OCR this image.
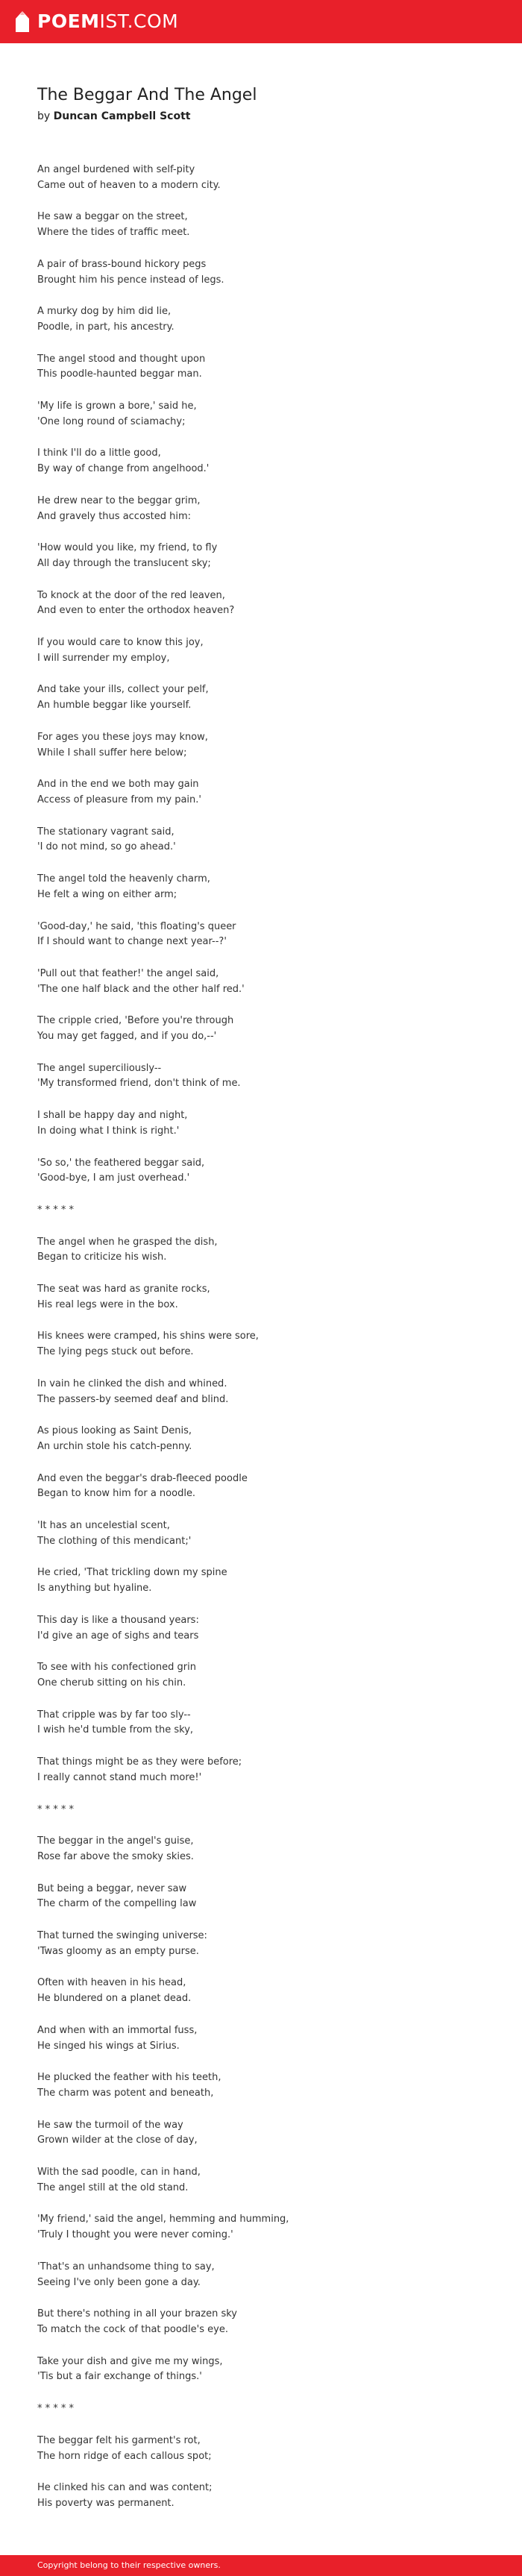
POEMIST.COM
The Beggar And The Angel
by Duncan Campbell Scott
An angel burdened with self-pity
Came out of heaven to a modern city.
He saw a beggar on the street,
Where the tides of traffic meet.
A pair of brass-bound hickory pegs
Brought him his pence instead of legs.
A murky dog by him did lie,
Poodle, in part, his ancestry.
The angel stood and thought upon
This poodle-haunted beggar man.
'My life is grown a bore,' said he,
'One long round of sciamachy;
I think I'll do a little good,
By way of change from angelhood.'
He drew near to the beggar grim,
And gravely thus accosted him:
'How would you like, my friend, to fly
All day through the translucent sky;
To knock at the door of the red leaven,
And even to enter the orthodox heaven?
If you would care to know this joy,
I will surrender my employ,
And take your ills, collect your pelf,
An humble beggar like yourself.
For ages you these joys may know,
While I shall suffer here below;
And in the end we both may gain
Access of pleasure from my pain.'
The stationary vagrant said,
'I do not mind, so go ahead.'
The angel told the heavenly charm,
He felt a wing on either arm;
'Good-day,' he said, 'this floating's queer
If I should want to change next year--?'
'Pull out that feather!' the angel said,
'The one half black and the other half red.'
The cripple cried, 'Before you're through
You may get fagged, and if you do,--'
The angel superciliously--
'My transformed friend, don't think of me.
I shall be happy day and night,
In doing what I think is right.'
'So so,' the feathered beggar said,
'Good-bye, I am just overhead.'
* * * * *
The angel when he grasped the dish,
Began to criticize his wish.
The seat was hard as granite rocks,
His real legs were in the box.
His knees were cramped, his shins were sore,
The lying pegs stuck out before.
In vain he clinked the dish and whined.
The passers-by seemed deaf and blind.
As pious looking as Saint Denis,
An urchin stole his catch-penny.
And even the beggar's drab-fleeced poodle
Began to know him for a noodle.
'It has an uncelestial scent,
The clothing of this mendicant;'
He cried, 'That trickling down my spine
Is anything but hyaline.
This day is like a thousand years:
I'd give an age of sighs and tears
To see with his confectioned grin
One cherub sitting on his chin.
That cripple was by far too sly--
I wish he'd tumble from the sky,
That things might be as they were before;
I really cannot stand much more!'
* * * * *
The beggar in the angel's guise,
Rose far above the smoky skies.
But being a beggar, never saw
The charm of the compelling law
That turned the swinging universe:
'Twas gloomy as an empty purse.
Often with heaven in his head,
He blundered on a planet dead.
And when with an immortal fuss,
He singed his wings at Sirius.
He plucked the feather with his teeth,
The charm was potent and beneath,
He saw the turmoil of the way
Grown wilder at the close of day,
With the sad poodle, can in hand,
The angel still at the old stand.
'My friend,' said the angel, hemming and humming,
'Truly I thought you were never coming.'
'That's an unhandsome thing to say,
Seeing I've only been gone a day.
But there's nothing in all your brazen sky
To match the cock of that poodle's eye.
Take your dish and give me my wings,
'Tis but a fair exchange of things.'
* * * * *
The beggar felt his garment's rot,
The horn ridge of each callous spot;
He clinked his can and was content;
His poverty was permanent.
Copyright belong to their respective owners.
